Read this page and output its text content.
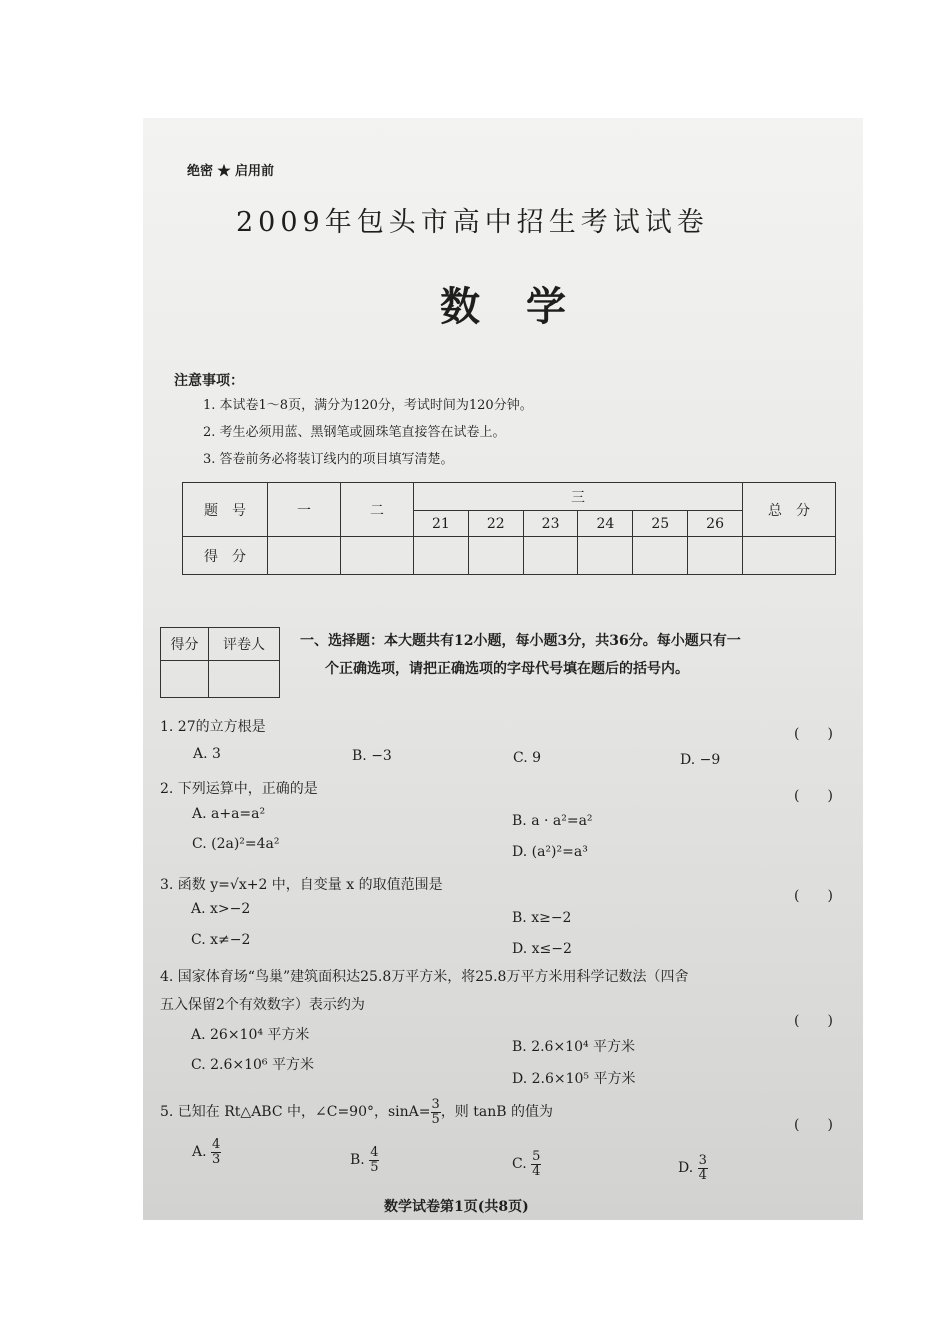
绝密 ★ 启用前
2009年包头市高中招生考试试卷
数学
注意事项：
1. 本试卷1～8页，满分为120分，考试时间为120分钟。
2. 考生必须用蓝、黑钢笔或圆珠笔直接答在试卷上。
3. 答卷前务必将装订线内的项目填写清楚。
题　号	一	二	三						总　分
			21	22	23	24	25	26	
得　分									
得分	评卷人
		一、选择题：本大题共有12小题，每小题3分，共36分。每小题只有一
个正确选项，请把正确选项的字母代号填在题后的括号内。
1. 27的立方根是	(　　)
A. 3	B. −3	C. 9	D. −9
2. 下列运算中，正确的是	(　　)
A. a+a=a²	B. a · a²=a²
C. (2a)²=4a²	D. (a²)²=a³
3. 函数 y=√x+2 中，自变量 x 的取值范围是
(　　)
A. x>−2
B. x≥−2
C. x≠−2
D. x≤−2
4. 国家体育场“鸟巢”建筑面积达25.8万平方米，将25.8万平方米用科学记数法（四舍
五入保留2个有效数字）表示约为
(　　)
A. 26×10⁴ 平方米
B. 2.6×10⁴ 平方米
C. 2.6×10⁶ 平方米
D. 2.6×10⁵ 平方米
5. 已知在 Rt△ABC 中，∠C=90°，$\sin A= \frac{3}{5}$ ，则 tanB 的值为
(　　)
A. $\frac{4}{3}$	B. $\frac{4}{5}$	C. $\frac{5}{4}$	D. $\frac{3}{4}$
数学试卷第1页(共8页)
